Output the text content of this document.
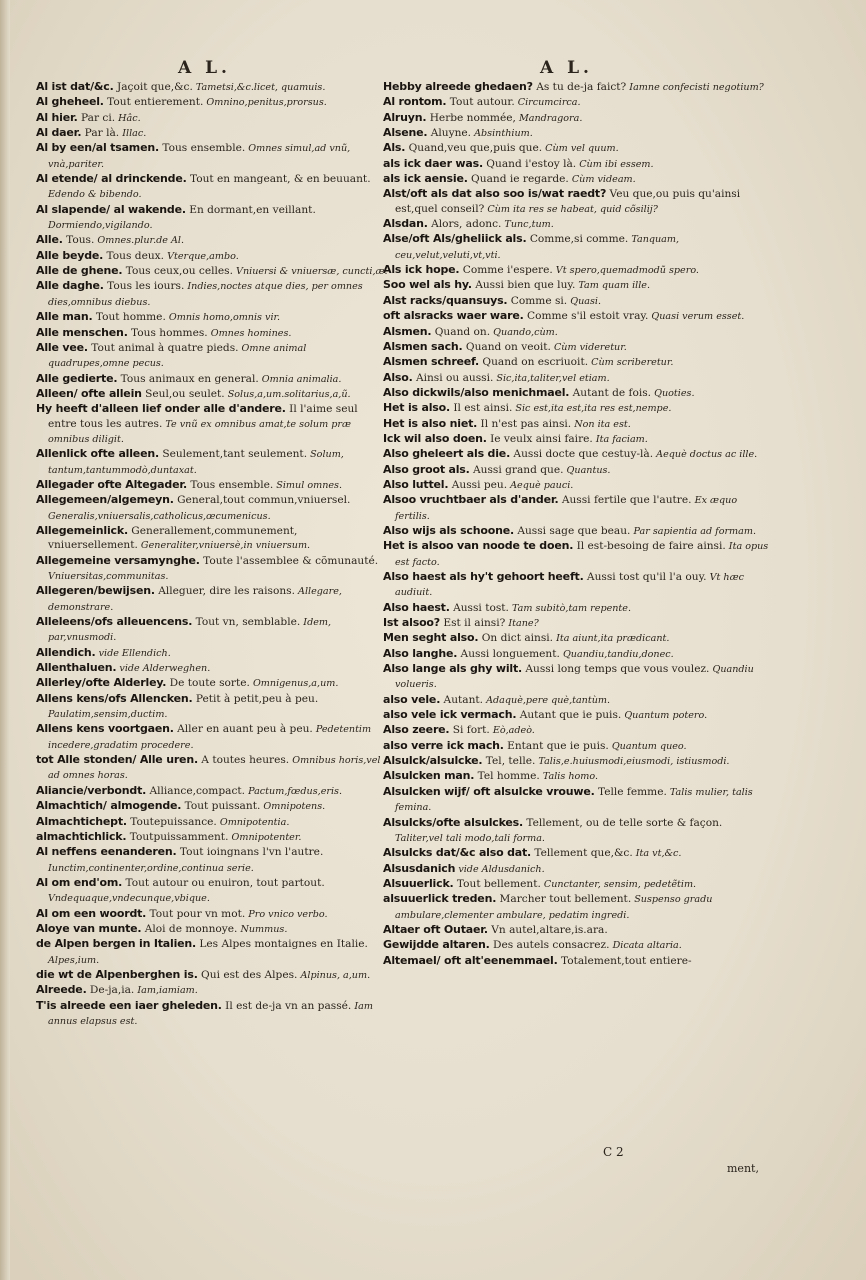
A L.	A L.

Al ist dat/&c. Jaçoit que,&c. Tametsi,&c.licet, quamuis.

Al gheheel. Tout entierement. Omnino,penitus,prorsus.

Al hier. Par ci. Hâc.

Al daer. Par là. Illac.

Al by een/al tsamen. Tous ensemble. Omnes simul,ad vnũ, vnà,pariter.

Al etende/ al drinckende. Tout en mangeant, & en beuuant. Edendo & bibendo.

Al slapende/ al wakende. En dormant,en veillant. Dormiendo,vigilando.

Alle. Tous. Omnes.plur.de Al.

Alle beyde. Tous deux. Vterque,ambo.

Alle de ghene. Tous ceux,ou celles. Vniuersi & vniuersæ, cuncti,æ.

Alle daghe. Tous les iours. Indies,noctes atque dies, per omnes dies,omnibus diebus.

Alle man. Tout homme. Omnis homo,omnis vir.

Alle menschen. Tous hommes. Omnes homines.

Alle vee. Tout animal à quatre pieds. Omne animal quadrupes,omne pecus.

Alle gedierte. Tous animaux en general. Omnia animalia.

Alleen/ ofte allein Seul,ou seulet. Solus,a,um.solitarius,a,ũ.

Hy heeft d'alleen lief onder alle d'andere. Il l'aime seul entre tous les autres. Te vnũ ex omnibus amat,te solum præ omnibus diligit.

Allenlick ofte alleen. Seulement,tant seulement. Solum, tantum,tantummodò,duntaxat.

Allegader ofte Altegader. Tous ensemble. Simul omnes.

Allegemeen/algemeyn. General,tout commun,vniuersel. Generalis,vniuersalis,catholicus,œcumenicus.

Allegemeinlick. Generallement,communement, vniuersellement. Generaliter,vniuersè,in vniuersum.

Allegemeine versamynghe. Toute l'assemblee & cõmunauté. Vniuersitas,communitas.

Allegeren/bewijsen. Alleguer, dire les raisons. Allegare, demonstrare.

Alleleens/ofs alleuencens. Tout vn, semblable. Idem, par,vnusmodi.

Allendich. vide Ellendich.

Allenthaluen. vide Alderweghen.

Allerley/ofte Alderley. De toute sorte. Omnigenus,a,um.

Allens kens/ofs Allencken. Petit à petit,peu à peu. Paulatim,sensim,ductim.

Allens kens voortgaen. Aller en auant peu à peu. Pedetentim incedere,gradatim procedere.

tot Alle stonden/ Alle uren. A toutes heures. Omnibus horis,vel ad omnes horas.

Aliancie/verbondt. Alliance,compact. Pactum,fœdus,eris.

Almachtich/ almogende. Tout puissant. Omnipotens.

Almachtichept. Toutepuissance. Omnipotentia.

almachtichlick. Toutpuissamment. Omnipotenter.

Al neffens eenanderen. Tout ioingnans l'vn l'autre. Iunctim,continenter,ordine,continua serie.

Al om end'om. Tout autour ou enuiron, tout partout. Vndequaque,vndecunque,vbique.

Al om een woordt. Tout pour vn mot. Pro vnico verbo.

Aloye van munte. Aloi de monnoye. Nummus.

de Alpen bergen in Italien. Les Alpes montaignes en Italie. Alpes,ium.

die wt de Alpenberghen is. Qui est des Alpes. Alpinus, a,um.

Alreede. De-ja,ia. Iam,iamiam.

T'is alreede een iaer gheleden. Il est de-ja vn an passé. Iam annus elapsus est.

Hebby alreede ghedaen? As tu de-ja faict? Iamne confecisti negotium?

Al rontom. Tout autour. Circumcirca.

Alruyn. Herbe nommée, Mandragora.

Alsene. Aluyne. Absinthium.

Als. Quand,veu que,puis que. Cùm vel quum.

als ick daer was. Quand i'estoy là. Cùm ibi essem.

als ick aensie. Quand ie regarde. Cùm videam.

Alst/oft als dat also soo is/wat raedt? Veu que,ou puis qu'ainsi est,quel conseil? Cùm ita res se habeat, quid cõsilij?

Alsdan. Alors, adonc. Tunc,tum.

Alse/oft Als/gheliick als. Comme,si comme. Tanquam, ceu,velut,veluti,vt,vti.

Als ick hope. Comme i'espere. Vt spero,quemadmodũ spero.

Soo wel als hy. Aussi bien que luy. Tam quam ille.

Alst racks/quansuys. Comme si. Quasi.

oft alsracks waer ware. Comme s'il estoit vray. Quasi verum esset.

Alsmen. Quand on. Quando,cùm.

Alsmen sach. Quand on veoit. Cùm videretur.

Alsmen schreef. Quand on escriuoit. Cùm scriberetur.

Also. Ainsi ou aussi. Sic,ita,taliter,vel etiam.

Also dickwils/also menichmael. Autant de fois. Quoties.

Het is also. Il est ainsi. Sic est,ita est,ita res est,nempe.

Het is also niet. Il n'est pas ainsi. Non ita est.

Ick wil also doen. Ie veulx ainsi faire. Ita faciam.

Also gheleert als die. Aussi docte que cestuy-là. Aequè doctus ac ille.

Also groot als. Aussi grand que. Quantus.

Also luttel. Aussi peu. Aequè pauci.

Alsoo vruchtbaer als d'ander. Aussi fertile que l'autre. Ex æquo fertilis.

Also wijs als schoone. Aussi sage que beau. Par sapientia ad formam.

Het is alsoo van noode te doen. Il est-besoing de faire ainsi. Ita opus est facto.

Also haest als hy't gehoort heeft. Aussi tost qu'il l'a ouy. Vt hæc audiuit.

Also haest. Aussi tost. Tam subitò,tam repente.

Ist alsoo? Est il ainsi? Itane?

Men seght also. On dict ainsi. Ita aiunt,ita prædicant.

Also langhe. Aussi longuement. Quandiu,tandiu,donec.

Also lange als ghy wilt. Aussi long temps que vous voulez. Quandiu volueris.

also vele. Autant. Adaquè,pere què,tantùm.

also vele ick vermach. Autant que ie puis. Quantum potero.

Also zeere. Si fort. Eò,adeò.

also verre ick mach. Entant que ie puis. Quantum queo.

Alsulck/alsulcke. Tel, telle. Talis,e.huiusmodi,eiusmodi, istiusmodi.

Alsulcken man. Tel homme. Talis homo.

Alsulcken wijf/ oft alsulcke vrouwe. Telle femme. Talis mulier, talis femina.

Alsulcks/ofte alsulckes. Tellement, ou de telle sorte & façon. Taliter,vel tali modo,tali forma.

Alsulcks dat/&c also dat. Tellement que,&c. Ita vt,&c.

Alsusdanich vide Aldusdanich.

Alsuuerlick. Tout bellement. Cunctanter, sensim, pedetẽtim.

alsuuerlick treden. Marcher tout bellement. Suspenso gradu ambulare,clementer ambulare, pedatim ingredi.

Altaer oft Outaer. Vn autel,altare,is.ara.

Gewijdde altaren. Des autels consacrez. Dicata altaria.

Altemael/ oft alt'eenemmael. Totalement,tout entiere-

C 2
ment,
